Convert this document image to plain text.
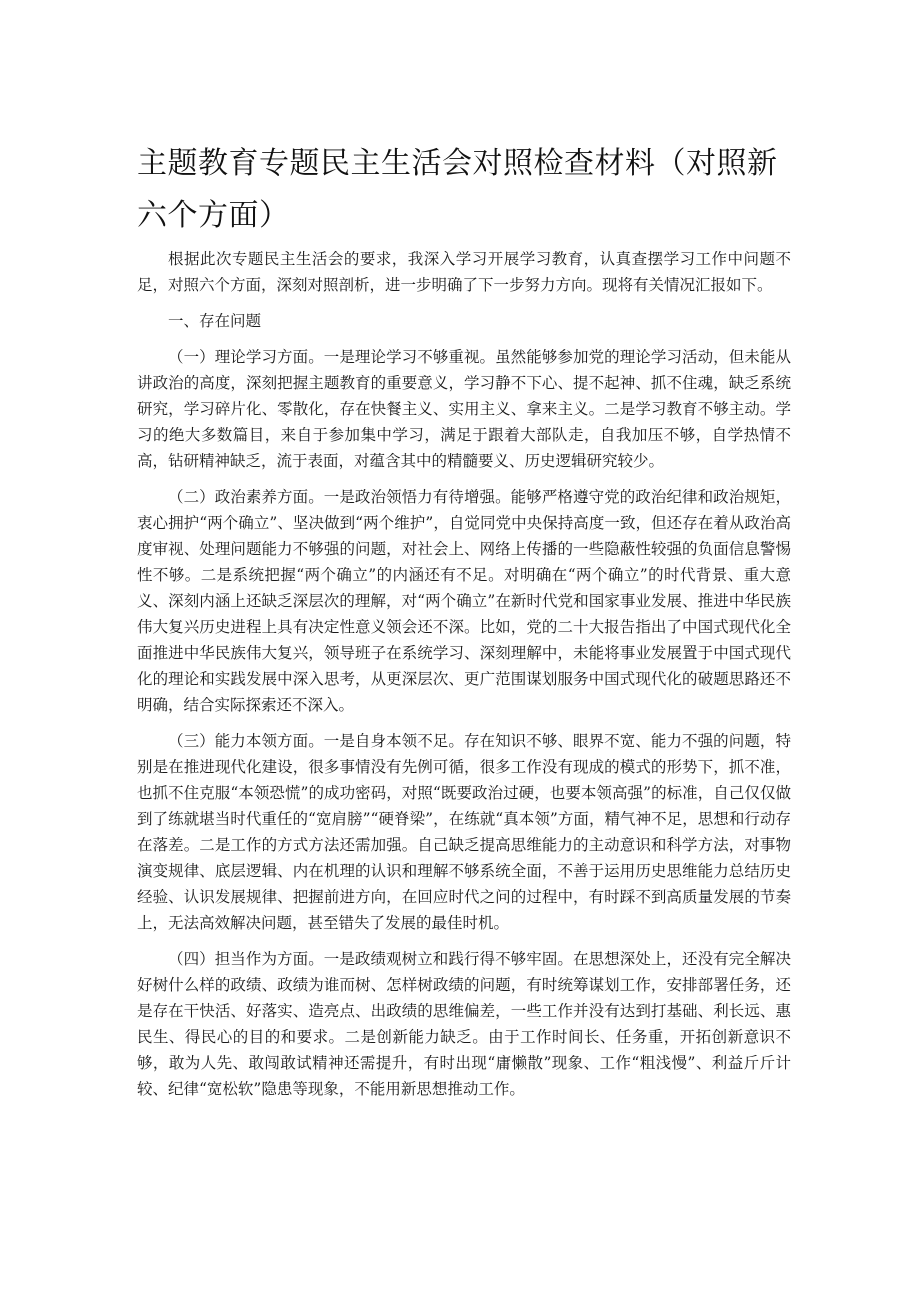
主题教育专题民主生活会对照检查材料（对照新六个方面）

根据此次专题民主生活会的要求，我深入学习开展学习教育，认真查摆学习工作中问题不足，对照六个方面，深刻对照剖析，进一步明确了下一步努力方向。现将有关情况汇报如下。

一、存在问题

（一）理论学习方面。一是理论学习不够重视。虽然能够参加党的理论学习活动，但未能从讲政治的高度，深刻把握主题教育的重要意义，学习静不下心、提不起神、抓不住魂，缺乏系统研究，学习碎片化、零散化，存在快餐主义、实用主义、拿来主义。二是学习教育不够主动。学习的绝大多数篇目，来自于参加集中学习，满足于跟着大部队走，自我加压不够，自学热情不高，钻研精神缺乏，流于表面，对蕴含其中的精髓要义、历史逻辑研究较少。

（二）政治素养方面。一是政治领悟力有待增强。能够严格遵守党的政治纪律和政治规矩，衷心拥护“两个确立”、坚决做到“两个维护”，自觉同党中央保持高度一致，但还存在着从政治高度审视、处理问题能力不够强的问题，对社会上、网络上传播的一些隐蔽性较强的负面信息警惕性不够。二是系统把握“两个确立”的内涵还有不足。对明确在“两个确立”的时代背景、重大意义、深刻内涵上还缺乏深层次的理解，对“两个确立”在新时代党和国家事业发展、推进中华民族伟大复兴历史进程上具有决定性意义领会还不深。比如，党的二十大报告指出了中国式现代化全面推进中华民族伟大复兴，领导班子在系统学习、深刻理解中，未能将事业发展置于中国式现代化的理论和实践发展中深入思考，从更深层次、更广范围谋划服务中国式现代化的破题思路还不明确，结合实际探索还不深入。

（三）能力本领方面。一是自身本领不足。存在知识不够、眼界不宽、能力不强的问题，特别是在推进现代化建设，很多事情没有先例可循，很多工作没有现成的模式的形势下，抓不准，也抓不住克服“本领恐慌”的成功密码，对照“既要政治过硬，也要本领高强”的标准，自己仅仅做到了练就堪当时代重任的“宽肩膀”“硬脊梁”，在练就“真本领”方面，精气神不足，思想和行动存在落差。二是工作的方式方法还需加强。自己缺乏提高思维能力的主动意识和科学方法，对事物演变规律、底层逻辑、内在机理的认识和理解不够系统全面，不善于运用历史思维能力总结历史经验、认识发展规律、把握前进方向，在回应时代之问的过程中，有时踩不到高质量发展的节奏上，无法高效解决问题，甚至错失了发展的最佳时机。

（四）担当作为方面。一是政绩观树立和践行得不够牢固。在思想深处上，还没有完全解决好树什么样的政绩、政绩为谁而树、怎样树政绩的问题，有时统筹谋划工作，安排部署任务，还是存在干快活、好落实、造亮点、出政绩的思维偏差，一些工作并没有达到打基础、利长远、惠民生、得民心的目的和要求。二是创新能力缺乏。由于工作时间长、任务重，开拓创新意识不够，敢为人先、敢闯敢试精神还需提升，有时出现“庸懒散”现象、工作“粗浅慢”、利益斤斤计较、纪律“宽松软”隐患等现象，不能用新思想推动工作。
